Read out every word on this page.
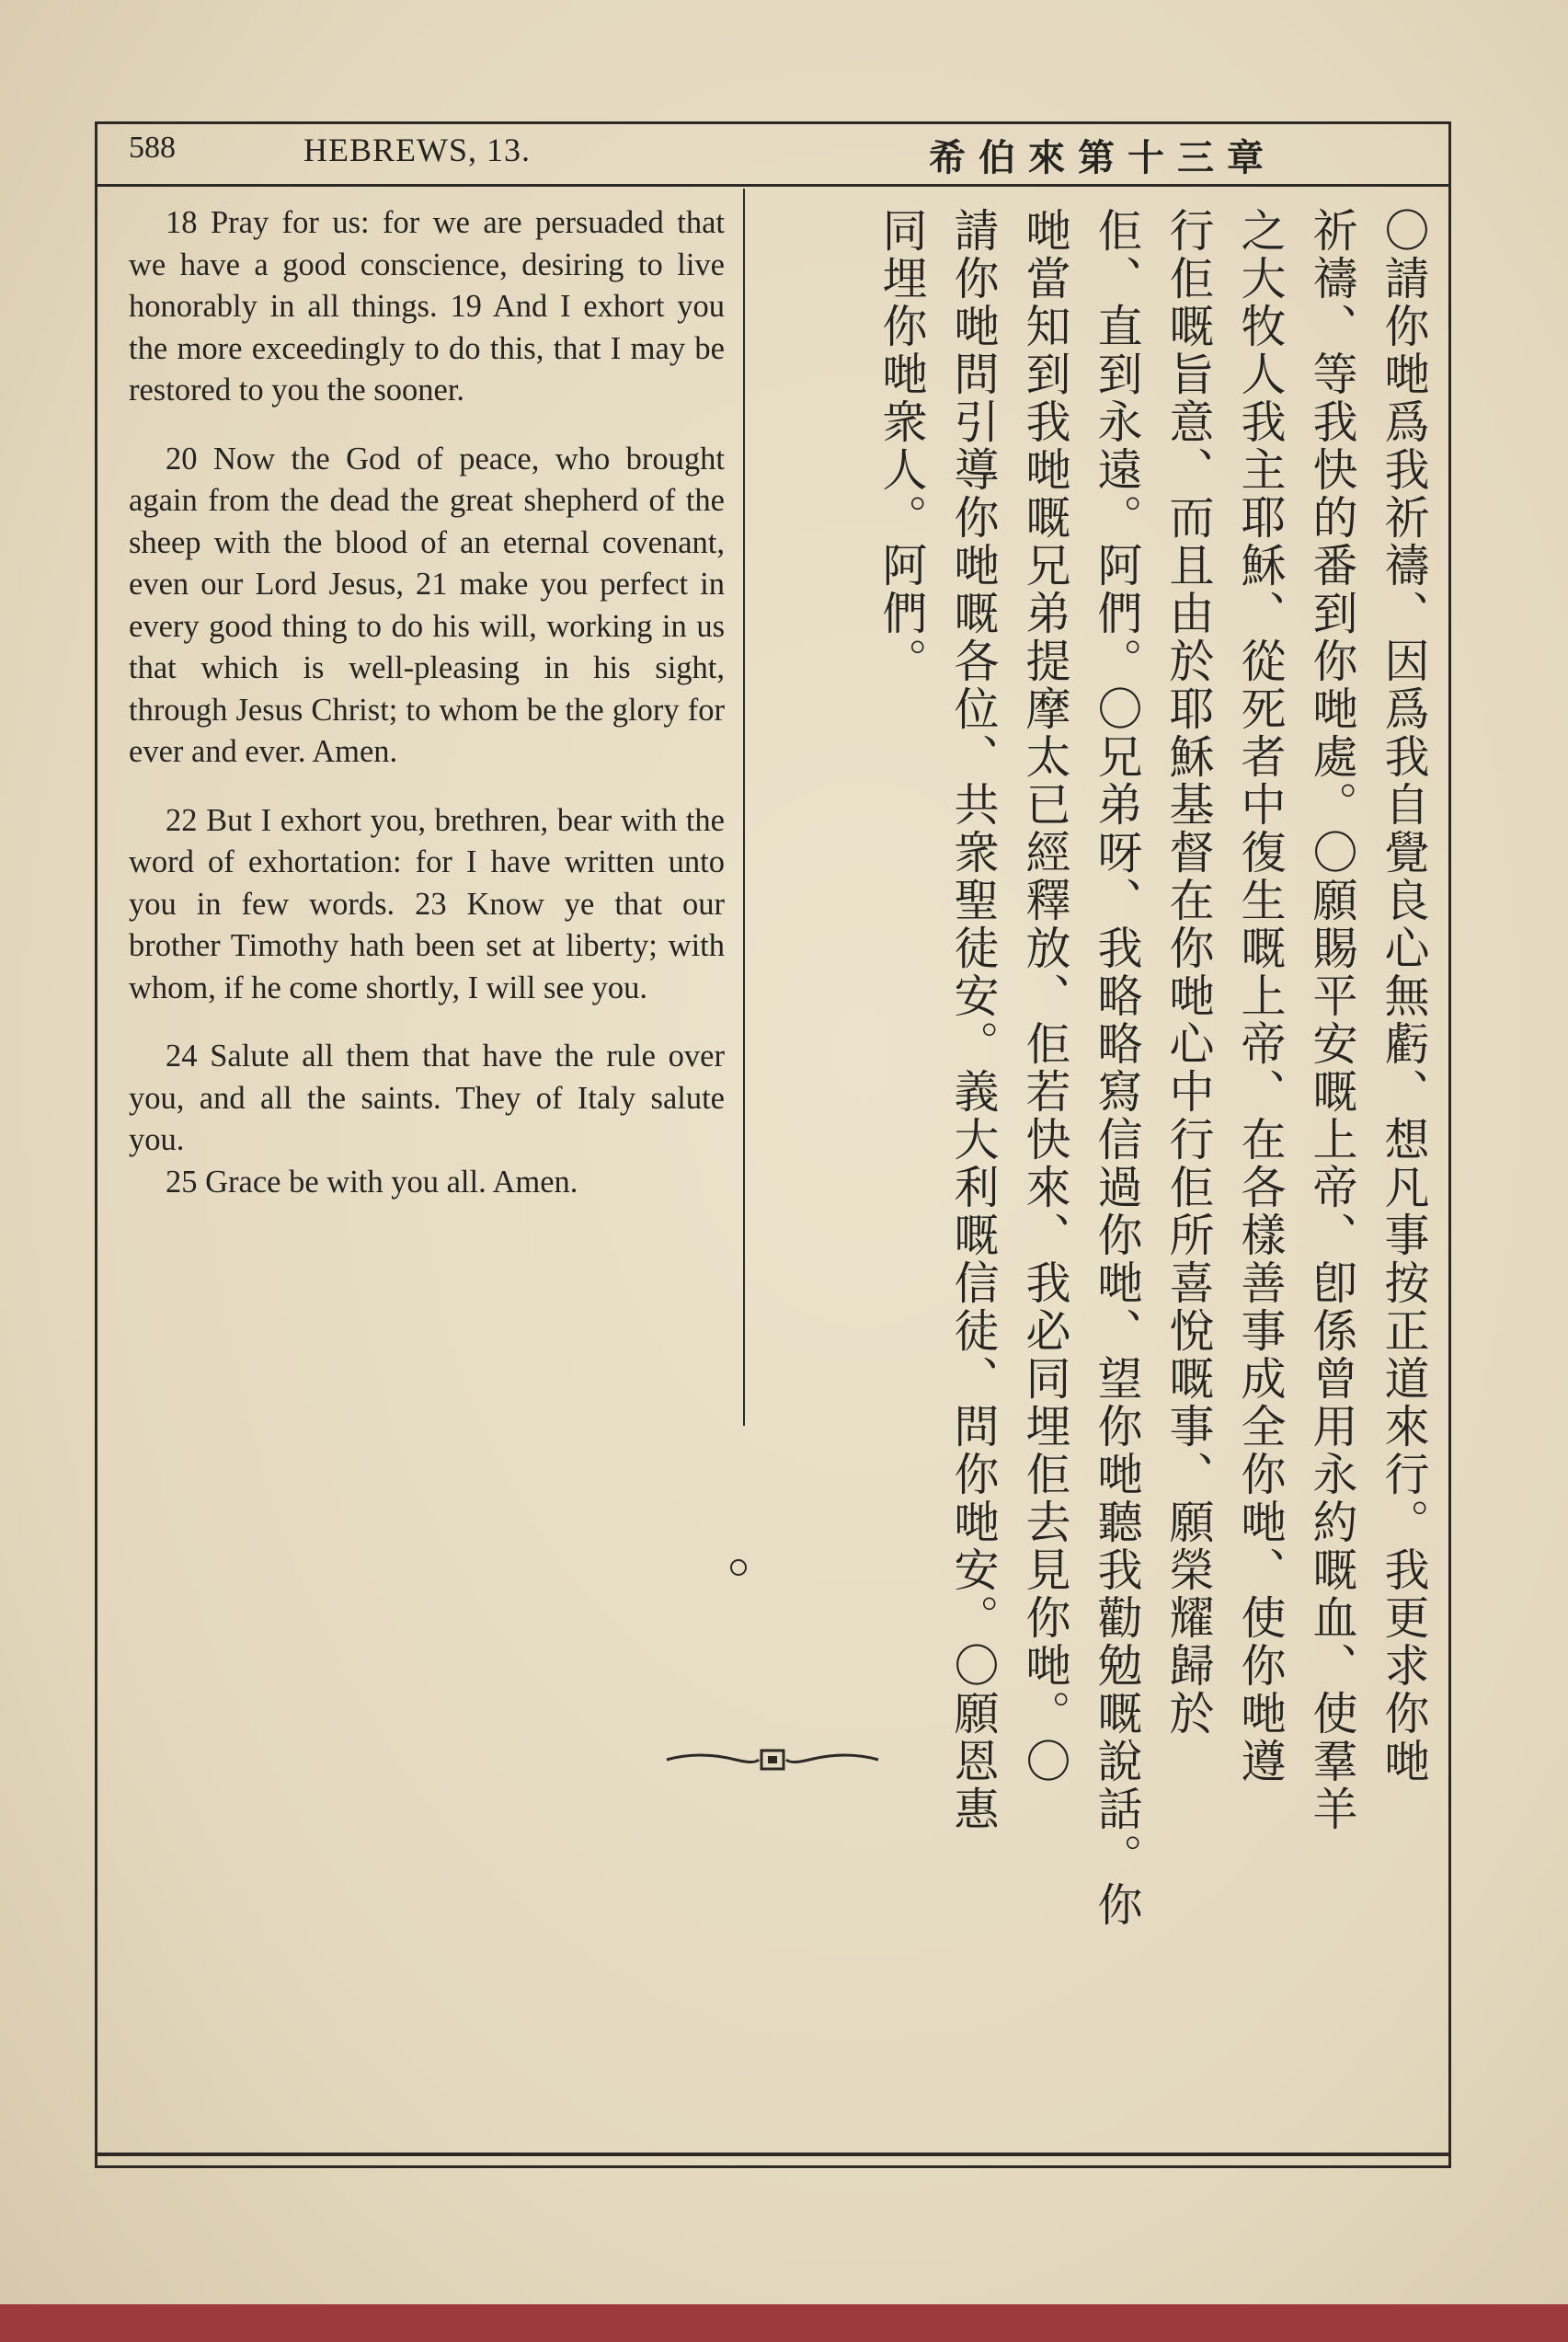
588	HEBREWS, 13.	希伯來第十三章

18 Pray for us: for we are persuaded that we have a good conscience, desiring to live honorably in all things. 19 And I exhort you the more exceedingly to do this, that I may be restored to you the sooner.

20 Now the God of peace, who brought again from the dead the great shepherd of the sheep with the blood of an eternal covenant, even our Lord Jesus, 21 make you perfect in every good thing to do his will, working in us that which is well-pleasing in his sight, through Jesus Christ; to whom be the glory for ever and ever. Amen.

22 But I exhort you, brethren, bear with the word of exhortation: for I have written unto you in few words. 23 Know ye that our brother Timothy hath been set at liberty; with whom, if he come shortly, I will see you.

24 Salute all them that have the rule over you, and all the saints. They of Italy salute you.

25 Grace be with you all. Amen.	〇請你哋爲我祈禱、因爲我自覺良心無虧、想凡事按正道來行。我更求你哋
祈禱、等我快的番到你哋處。〇願賜平安嘅上帝、卽係曾用永約嘅血、使羣羊
之大牧人我主耶穌、從死者中復生嘅上帝、在各樣善事成全你哋、使你哋遵
行佢嘅旨意、而且由於耶穌基督在你哋心中行佢所喜悅嘅事、願榮耀歸於
佢、直到永遠。阿們。〇兄弟呀、我略略寫信過你哋、望你哋聽我勸勉嘅說話。你
哋當知到我哋嘅兄弟提摩太已經釋放、佢若快來、我必同埋佢去見你哋。〇
請你哋問引導你哋嘅各位、共衆聖徒安。義大利嘅信徒、問你哋安。〇願恩惠
同埋你哋衆人。阿們。
